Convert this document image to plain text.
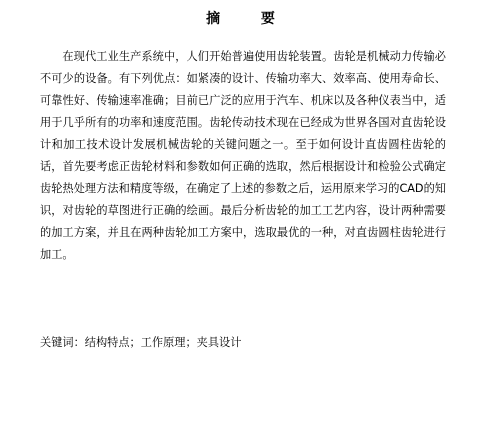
摘 要

在现代工业生产系统中，人们开始普遍使用齿轮装置。齿轮是机械动力传输必不可少的设备。有下列优点：如紧凑的设计、传输功率大、效率高、使用寿命长、可靠性好、传输速率准确；目前已广泛的应用于汽车、机床以及各种仪表当中，适用于几乎所有的功率和速度范围。齿轮传动技术现在已经成为世界各国对直齿轮设计和加工技术设计发展机械齿轮的关键问题之一。至于如何设计直齿圆柱齿轮的话，首先要考虑正齿轮材料和参数如何正确的选取，然后根据设计和检验公式确定齿轮热处理方法和精度等级，在确定了上述的参数之后，运用原来学习的CAD的知识，对齿轮的草图进行正确的绘画。最后分析齿轮的加工工艺内容，设计两种需要的加工方案，并且在两种齿轮加工方案中，选取最优的一种，对直齿圆柱齿轮进行加工。

关键词：结构特点；工作原理；夹具设计
